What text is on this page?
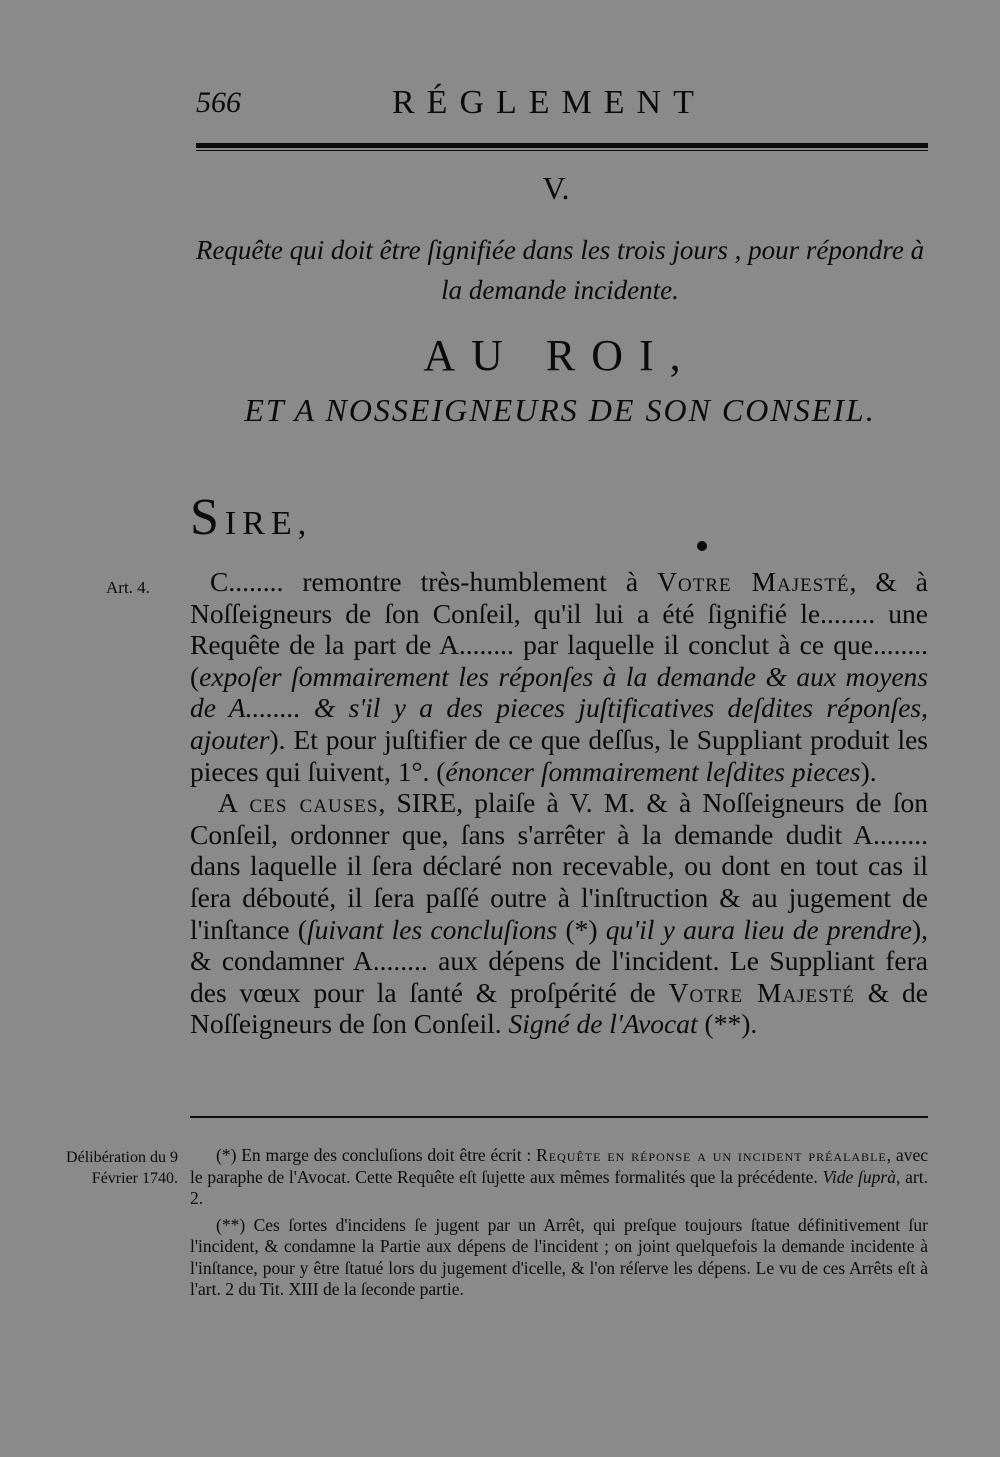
566	RÉGLEMENT
V.
Requête qui doit être ſignifiée dans les trois jours , pour répondre à la demande incidente.
AU ROI,
ET A NOSSEIGNEURS DE SON CONSEIL.
SIRE,
Art. 4.	C........ remontre très-humblement à Votre Majesté, & à Noſſeigneurs de ſon Conſeil, qu'il lui a été ſignifié le........ une Requête de la part de A........ par laquelle il conclut à ce que........ (expoſer ſommairement les réponſes à la demande & aux moyens de A........ & s'il y a des pieces juſtificatives deſdites réponſes, ajouter). Et pour juſtifier de ce que deſſus, le Suppliant produit les pieces qui ſuivent, 1°. (énoncer ſommairement leſdites pieces).

A ces causes, SIRE, plaiſe à V. M. & à Noſſeigneurs de ſon Conſeil, ordonner que, ſans s'arrêter à la demande dudit A........ dans laquelle il ſera déclaré non recevable, ou dont en tout cas il ſera débouté, il ſera paſſé outre à l'inſtruction & au jugement de l'inſtance (ſuivant les concluſions (*) qu'il y aura lieu de prendre), & condamner A........ aux dépens de l'incident. Le Suppliant fera des vœux pour la ſanté & proſpérité de Votre Majesté & de Noſſeigneurs de ſon Conſeil. Signé de l'Avocat (**).

Délibération du 9 Février 1740.

(*) En marge des concluſions doit être écrit : Requête en réponse a un incident préalable, avec le paraphe de l'Avocat. Cette Requête eſt ſujette aux mêmes formalités que la précédente. Vide ſuprà, art. 2.

(**) Ces ſortes d'incidens ſe jugent par un Arrêt, qui preſque toujours ſtatue définitivement ſur l'incident, & condamne la Partie aux dépens de l'incident ; on joint quelquefois la demande incidente à l'inſtance, pour y être ſtatué lors du jugement d'icelle, & l'on réſerve les dépens. Le vu de ces Arrêts eſt à l'art. 2 du Tit. XIII de la ſeconde partie.
